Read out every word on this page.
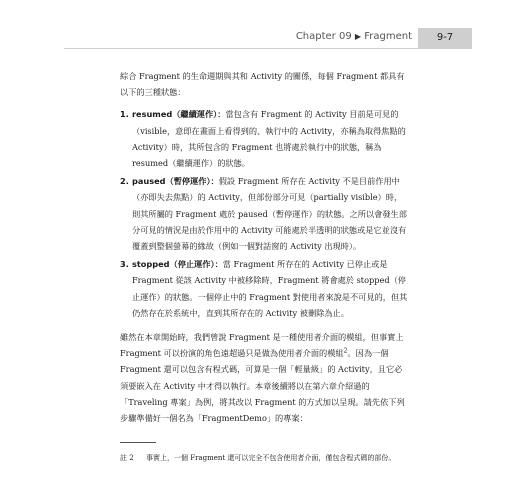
Chapter 09 ▶ Fragment	9-7

綜合 Fragment 的生命週期與其和 Activity 的關係，每個 Fragment 都具有以下的三種狀態：

1. resumed（繼續運作）：當包含有 Fragment 的 Activity 目前是可見的（visible，意即在畫面上看得到的、執行中的 Activity，亦稱為取得焦點的 Activity）時，其所包含的 Fragment 也將處於執行中的狀態，稱為 resumed（繼續運作）的狀態。
2. paused（暫停運作）：假設 Fragment 所存在 Activity 不是目前作用中（亦即失去焦點）的 Activity，但部份部分可見（partially visible）時，則其所屬的 Fragment 處於 paused（暫停運作）的狀態。之所以會發生部分可見的情況是由於作用中的 Activity 可能處於半透明的狀態或是它並沒有覆蓋到整個螢幕的緣故（例如一個對話窗的 Activity 出現時）。
3. stopped（停止運作）：當 Fragment 所存在的 Activity 已停止或是 Fragment 從該 Activity 中被移除時，Fragment 將會處於 stopped（停止運作）的狀態。一個停止中的 Fragment 對使用者來說是不可見的，但其仍然存在於系統中，直到其所存在的 Activity 被刪除為止。

雖然在本章開始時，我們曾說 Fragment 是一種使用者介面的模組，但事實上 Fragment 可以扮演的角色遠超過只是做為使用者介面的模組$^2$。因為一個 Fragment 還可以包含有程式碼，可算是一個「輕量級」的 Activity，且它必須要嵌入在 Activity 中才得以執行。本章後續將以在第六章介紹過的「Traveling 專案」為例，將其改以 Fragment 的方式加以呈現。請先依下列步驟準備好一個名為「FragmentDemo」的專案：

註 2	事實上，一個 Fragment 還可以完全不包含使用者介面，僅包含程式碼的部份。
